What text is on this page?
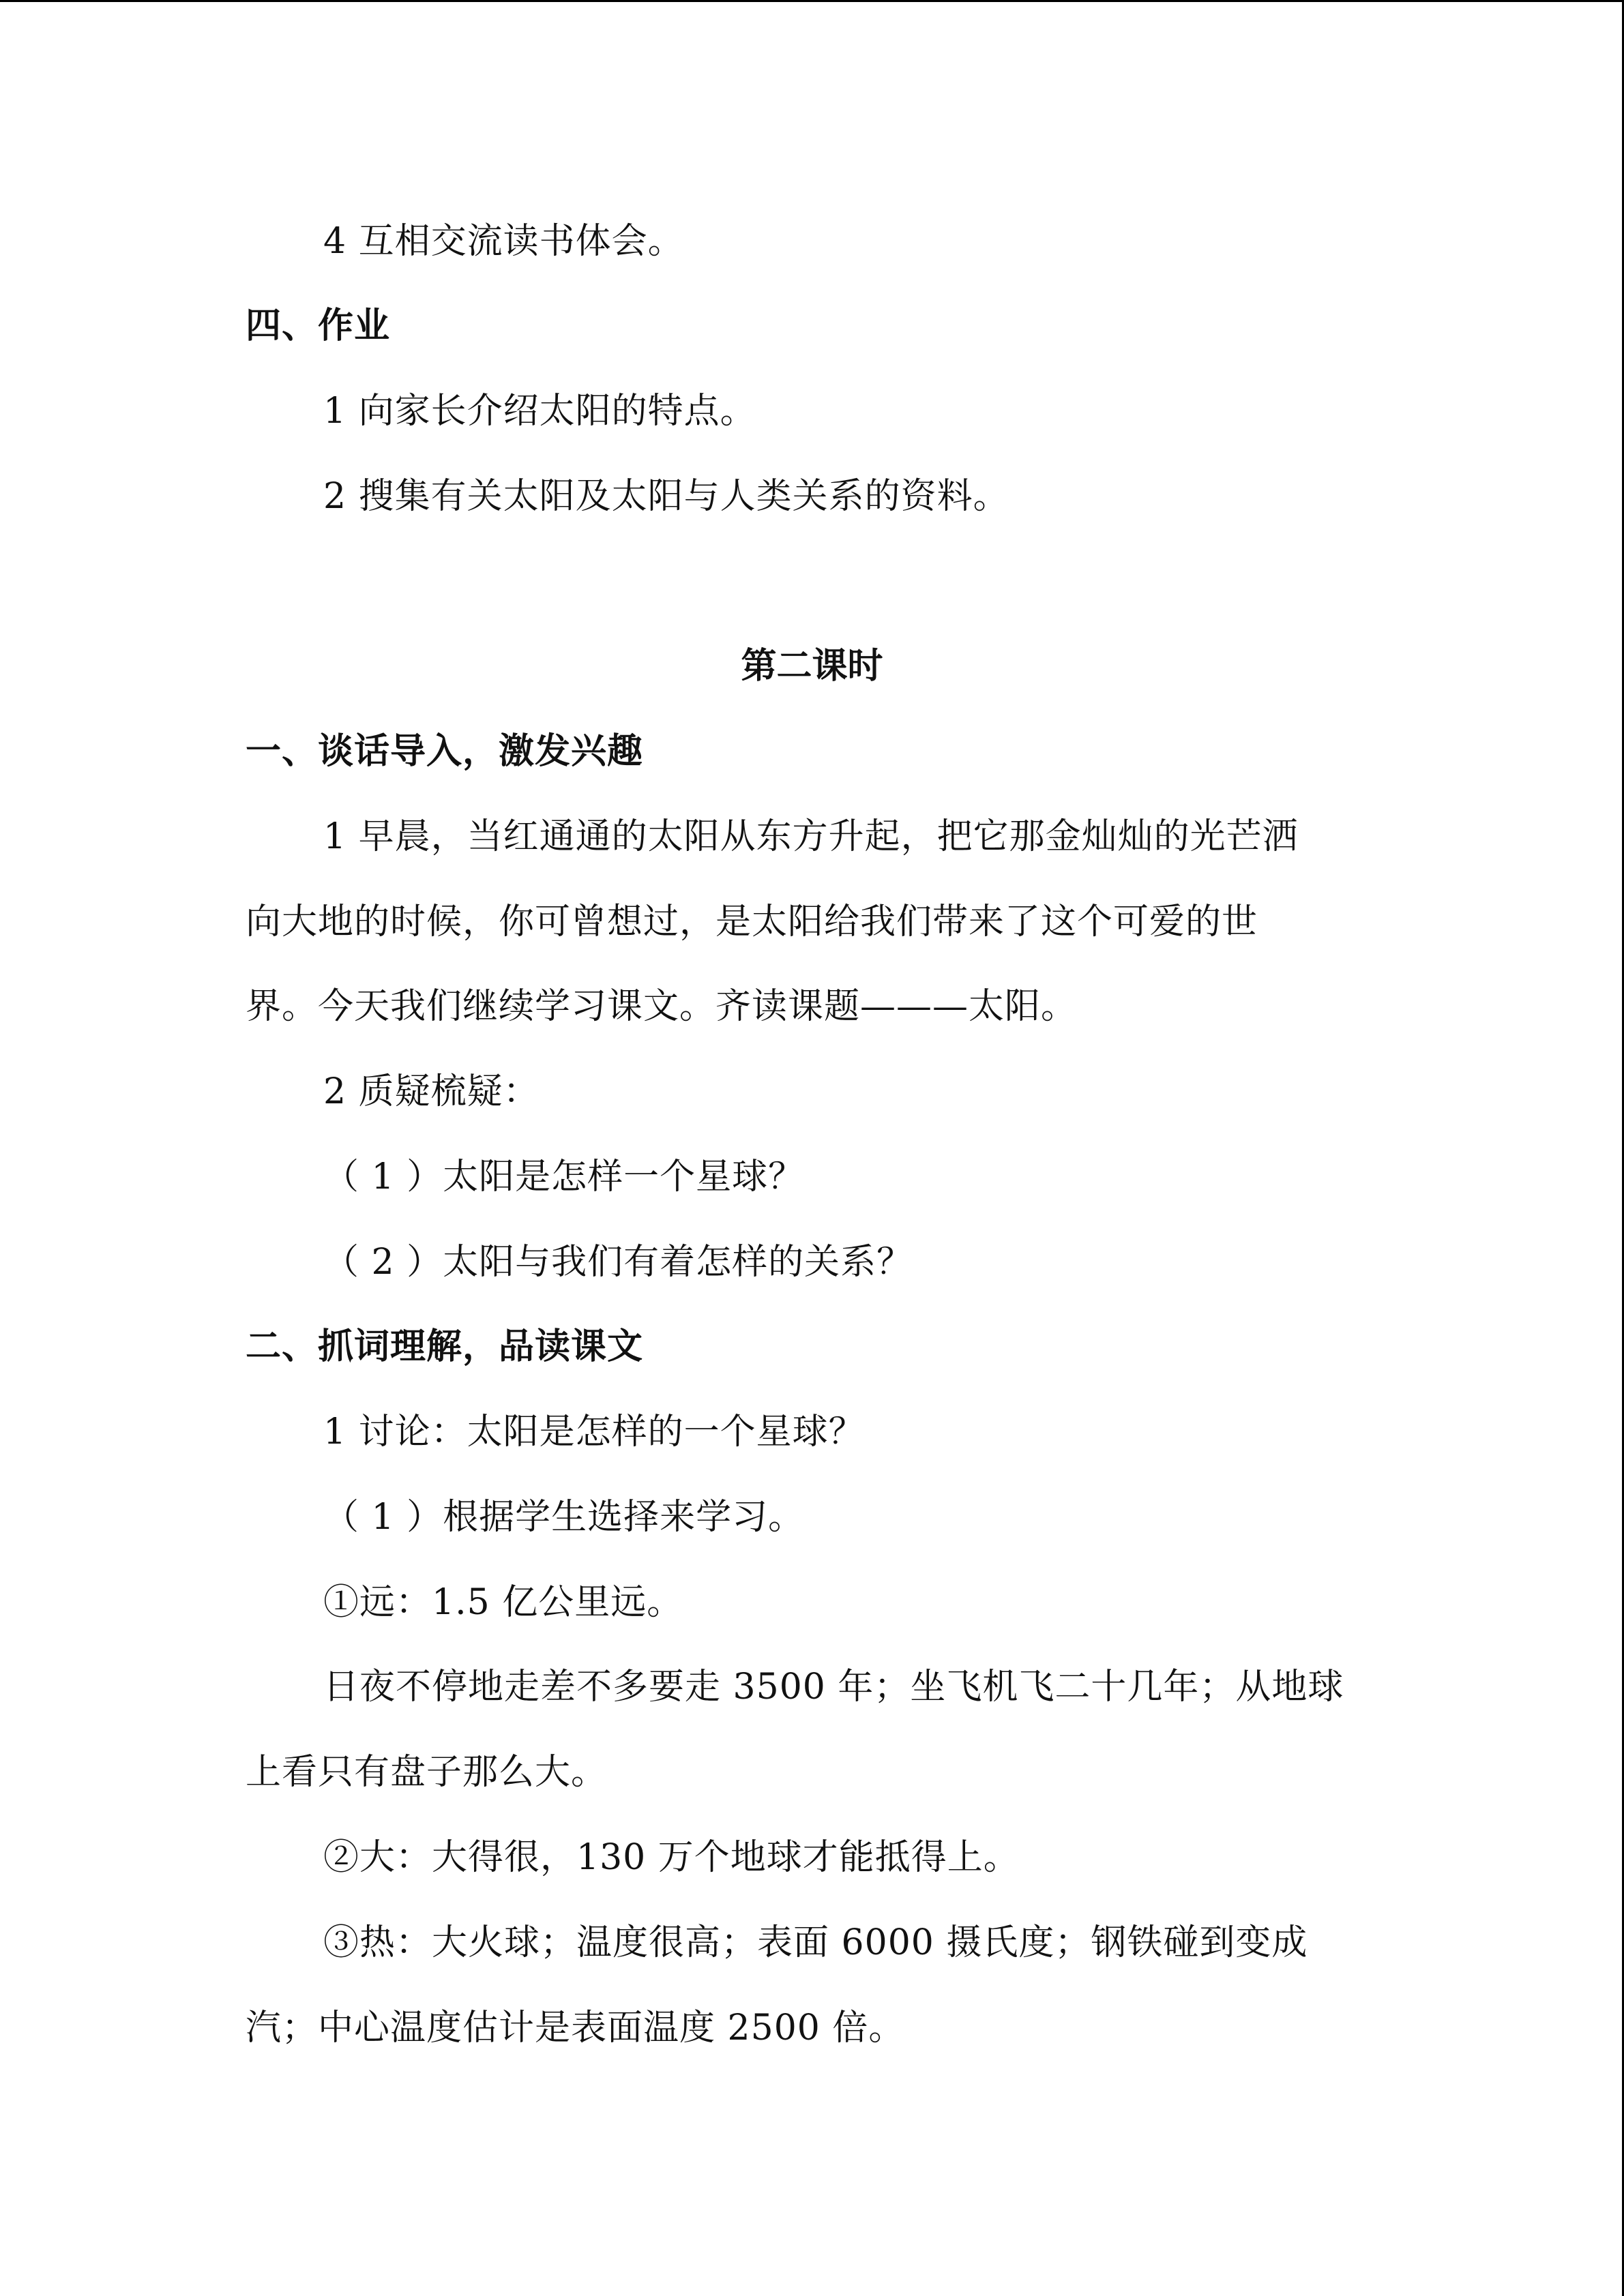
4 互相交流读书体会。
四、作业
1 向家长介绍太阳的特点。
2 搜集有关太阳及太阳与人类关系的资料。
第二课时
一、谈话导入，激发兴趣
1 早晨，当红通通的太阳从东方升起，把它那金灿灿的光芒洒
向大地的时候，你可曾想过，是太阳给我们带来了这个可爱的世
界。今天我们继续学习课文。齐读课题———太阳。
2 质疑梳疑：
（ 1 ）太阳是怎样一个星球？
（ 2 ）太阳与我们有着怎样的关系？
二、抓词理解，品读课文
1 讨论：太阳是怎样的一个星球？
（ 1 ）根据学生选择来学习。
①远：1.5 亿公里远。
日夜不停地走差不多要走 3500 年；坐飞机飞二十几年；从地球
上看只有盘子那么大。
②大：大得很，130 万个地球才能抵得上。
③热：大火球；温度很高；表面 6000 摄氏度；钢铁碰到变成
汽；中心温度估计是表面温度 2500 倍。
